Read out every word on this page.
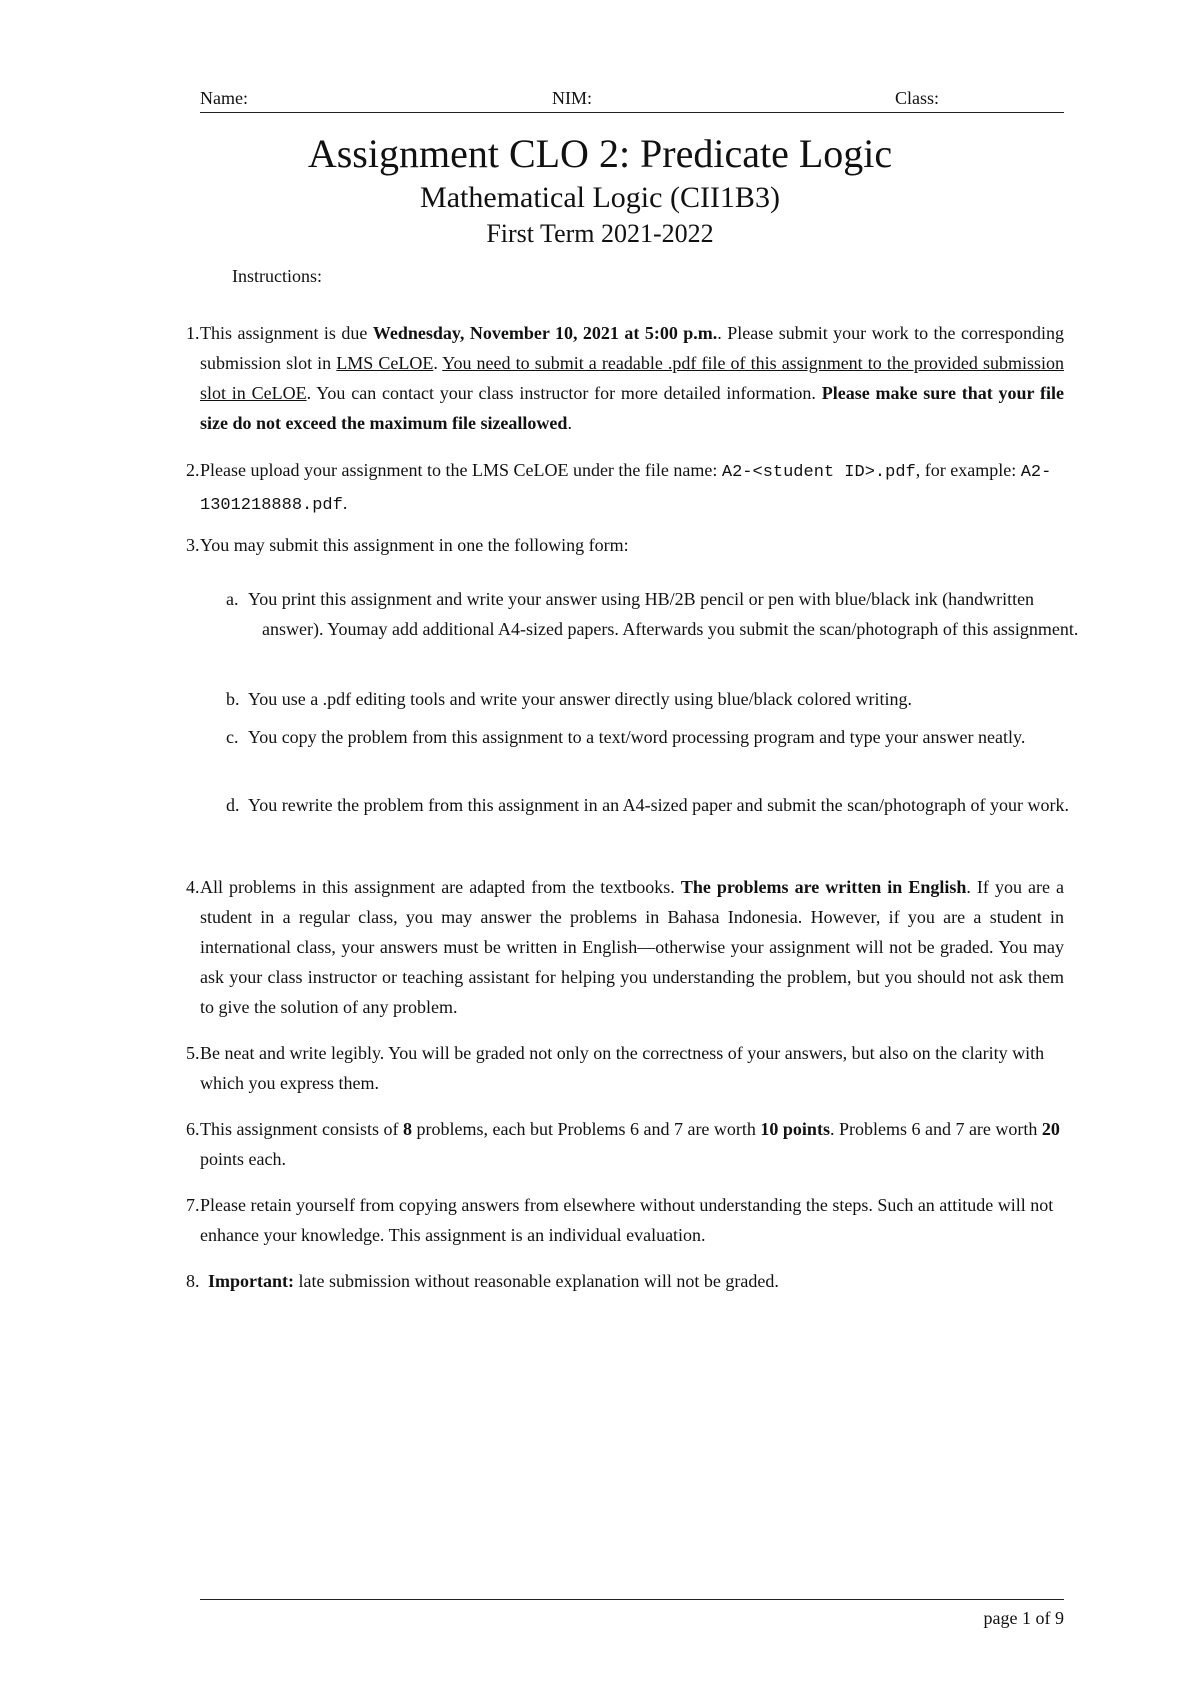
Name:	NIM:	Class:
Assignment CLO 2: Predicate Logic
Mathematical Logic (CII1B3)
First Term 2021-2022
Instructions:
1. This assignment is due Wednesday, November 10, 2021 at 5:00 p.m.. Please submit your work to the corresponding submission slot in LMS CeLOE. You need to submit a readable .pdf file of this assignment to the provided submission slot in CeLOE. You can contact your class instructor for more detailed information. Please make sure that your file size do not exceed the maximum file sizeallowed.
2. Please upload your assignment to the LMS CeLOE under the file name: A2-<student ID>.pdf, for example: A2-1301218888.pdf.
3. You may submit this assignment in one the following form:
a. You print this assignment and write your answer using HB/2B pencil or pen with blue/black ink (handwritten answer). Youmay add additional A4-sized papers. Afterwards you submit the scan/photograph of this assignment.
b. You use a .pdf editing tools and write your answer directly using blue/black colored writing.
c. You copy the problem from this assignment to a text/word processing program and type your answer neatly.
d. You rewrite the problem from this assignment in an A4-sized paper and submit the scan/photograph of your work.
4. All problems in this assignment are adapted from the textbooks. The problems are written in English. If you are a student in a regular class, you may answer the problems in Bahasa Indonesia. However, if you are a student in international class, your answers must be written in English—otherwise your assignment will not be graded. You may ask your class instructor or teaching assistant for helping you understanding the problem, but you should not ask them to give the solution of any problem.
5. Be neat and write legibly. You will be graded not only on the correctness of your answers, but also on the clarity with which you express them.
6. This assignment consists of 8 problems, each but Problems 6 and 7 are worth 10 points. Problems 6 and 7 are worth 20 points each.
7. Please retain yourself from copying answers from elsewhere without understanding the steps. Such an attitude will not enhance your knowledge. This assignment is an individual evaluation.
8. Important: late submission without reasonable explanation will not be graded.
page 1 of 9
